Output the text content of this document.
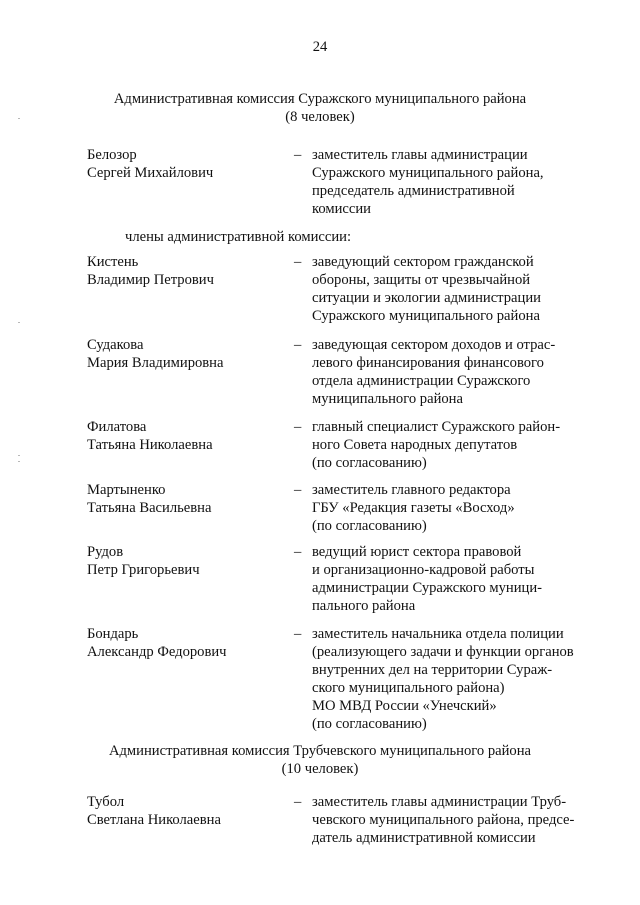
24
Административная комиссия Суражского муниципального района
(8 человек)
Белозор
Сергей Михайлович
– заместитель главы администрации
Суражского муниципального района,
председатель административной
комиссии
члены административной комиссии:
Кистень
Владимир Петрович
– заведующий сектором гражданской
обороны, защиты от чрезвычайной
ситуации и экологии администрации
Суражского муниципального района
Судакова
Мария Владимировна
– заведующая сектором доходов и отрас-
левого финансирования финансового
отдела администрации Суражского
муниципального района
Филатова
Татьяна Николаевна
– главный специалист Суражского район-
ного Совета народных депутатов
(по согласованию)
Мартыненко
Татьяна Васильевна
– заместитель главного редактора
ГБУ «Редакция газеты «Восход»
(по согласованию)
Рудов
Петр Григорьевич
– ведущий юрист сектора правовой
и организационно-кадровой работы
администрации Суражского муници-
пального района
Бондарь
Александр Федорович
– заместитель начальника отдела полиции
(реализующего задачи и функции органов
внутренних дел на территории Сураж-
ского муниципального района)
МО МВД России «Унечский»
(по согласованию)
Административная комиссия Трубчевского муниципального района
(10 человек)
Тубол
Светлана Николаевна
– заместитель главы администрации Труб-
чевского муниципального района, предсе-
датель административной комиссии
